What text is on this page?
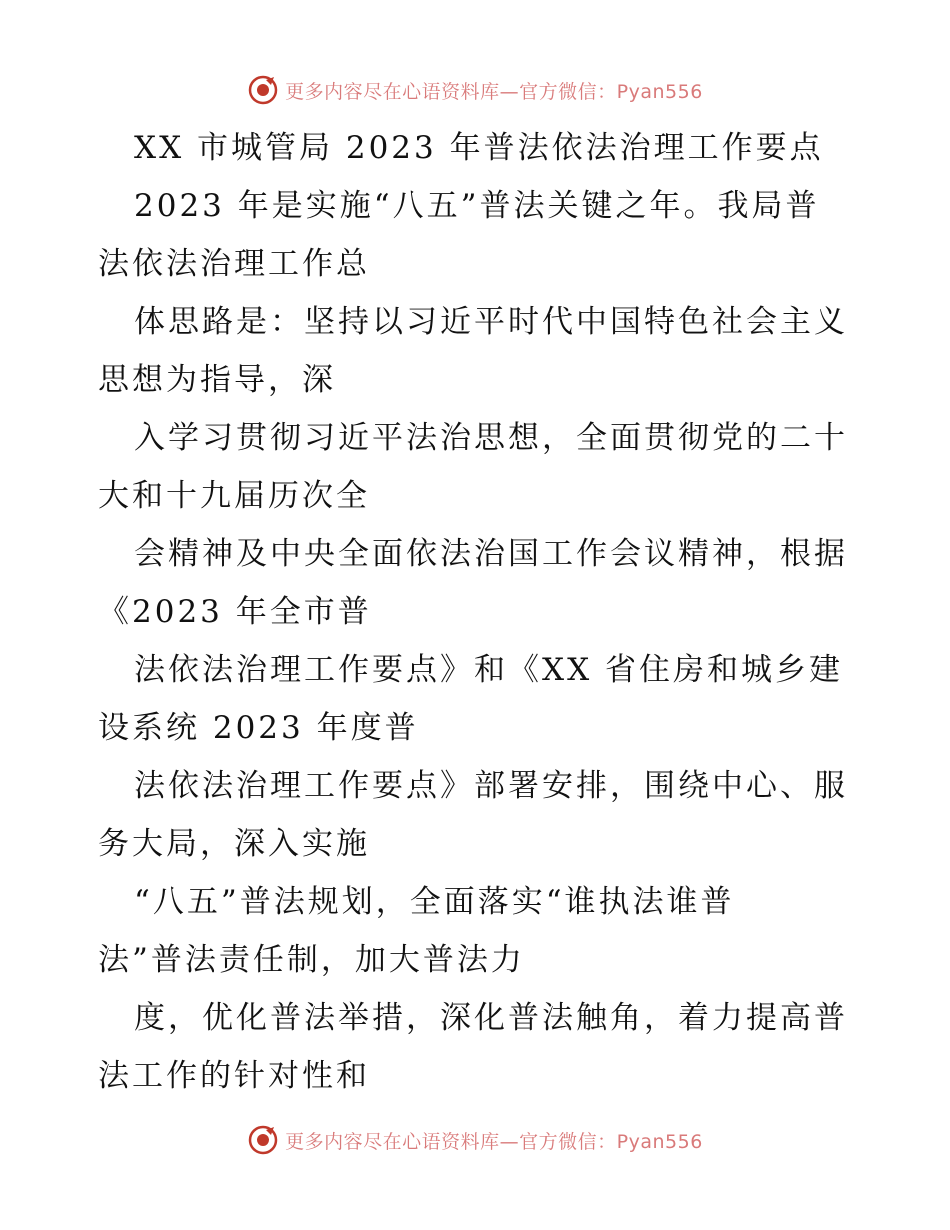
更多内容尽在心语资料库—官方微信：Pyan556
XX 市城管局 2023 年普法依法治理工作要点
2023 年是实施“八五”普法关键之年。我局普
法依法治理工作总
体思路是：坚持以习近平时代中国特色社会主义
思想为指导，深
入学习贯彻习近平法治思想，全面贯彻党的二十
大和十九届历次全
会精神及中央全面依法治国工作会议精神，根据
《2023 年全市普
法依法治理工作要点》和《XX 省住房和城乡建
设系统 2023 年度普
法依法治理工作要点》部署安排，围绕中心、服
务大局，深入实施
“八五”普法规划，全面落实“谁执法谁普
法”普法责任制，加大普法力
度，优化普法举措，深化普法触角，着力提高普
法工作的针对性和
更多内容尽在心语资料库—官方微信：Pyan556
